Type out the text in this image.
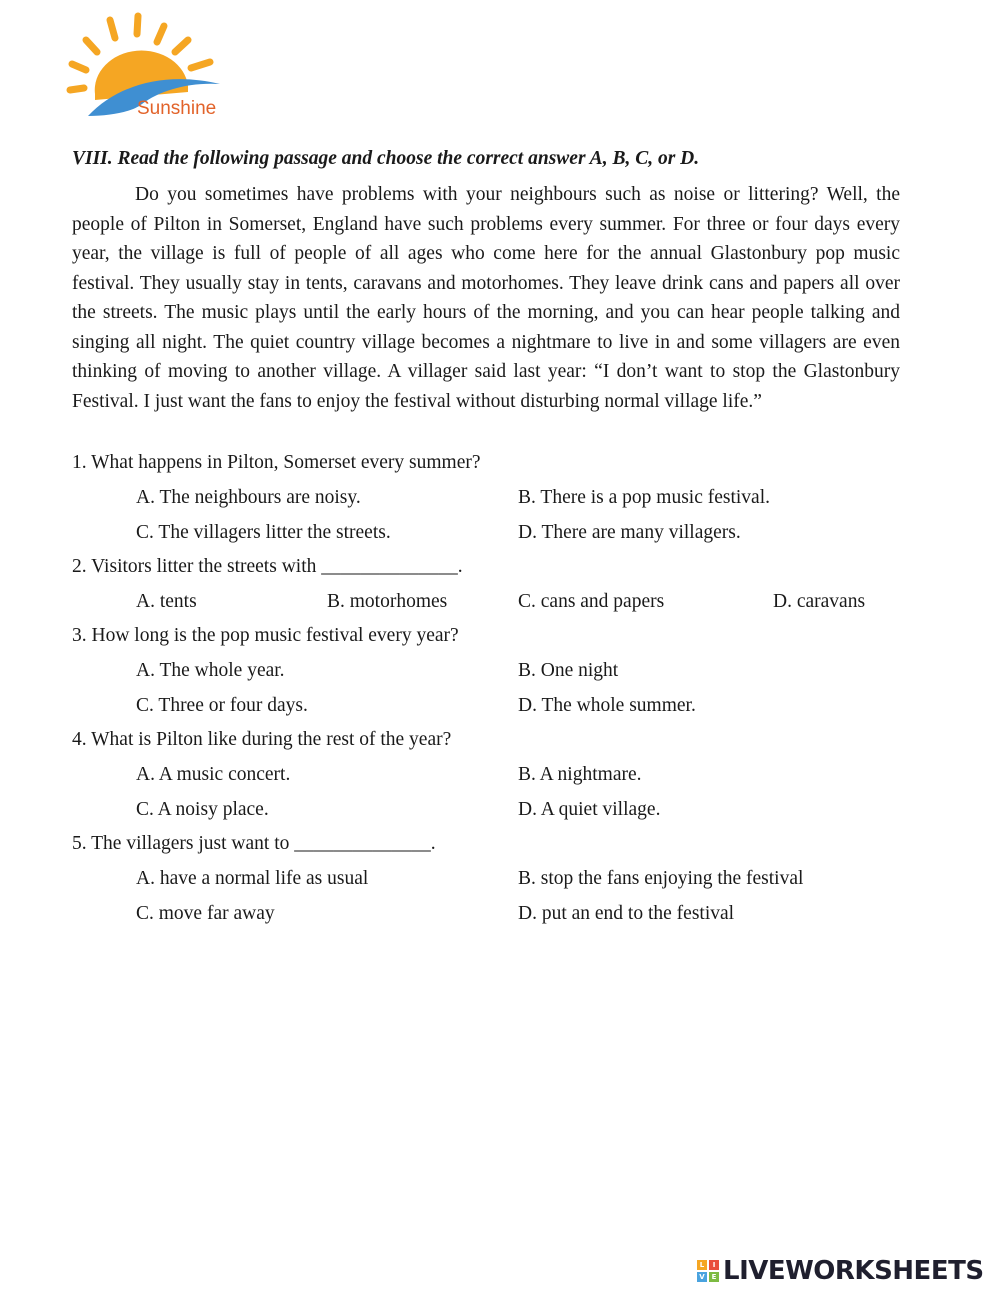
Sunshine
VIII. Read the following passage and choose the correct answer A, B, C, or D.

Do you sometimes have problems with your neighbours such as noise or littering? Well, the people of Pilton in Somerset, England have such problems every summer. For three or four days every year, the village is full of people of all ages who come here for the annual Glastonbury pop music festival. They usually stay in tents, caravans and motorhomes. They leave drink cans and papers all over the streets. The music plays until the early hours of the morning, and you can hear people talking and singing all night. The quiet country village becomes a nightmare to live in and some villagers are even thinking of moving to another village. A villager said last year: “I don’t want to stop the Glastonbury Festival. I just want the fans to enjoy the festival without disturbing normal village life.”

1. What happens in Pilton, Somerset every summer?
A. The neighbours are noisy.	B. There is a pop music festival.
C. The villagers litter the streets.	D. There are many villagers.
2. Visitors litter the streets with ______________.
A. tents	B. motorhomes	C. cans and papers	D. caravans
3. How long is the pop music festival every year?
A. The whole year.	B. One night
C. Three or four days.	D. The whole summer.
4. What is Pilton like during the rest of the year?
A. A music concert.	B. A nightmare.
C. A noisy place.	D. A quiet village.
5. The villagers just want to ______________.
A. have a normal life as usual	B. stop the fans enjoying the festival
C. move far away	D. put an end to the festival
L	I
V E LIVEWORKSHEETS
